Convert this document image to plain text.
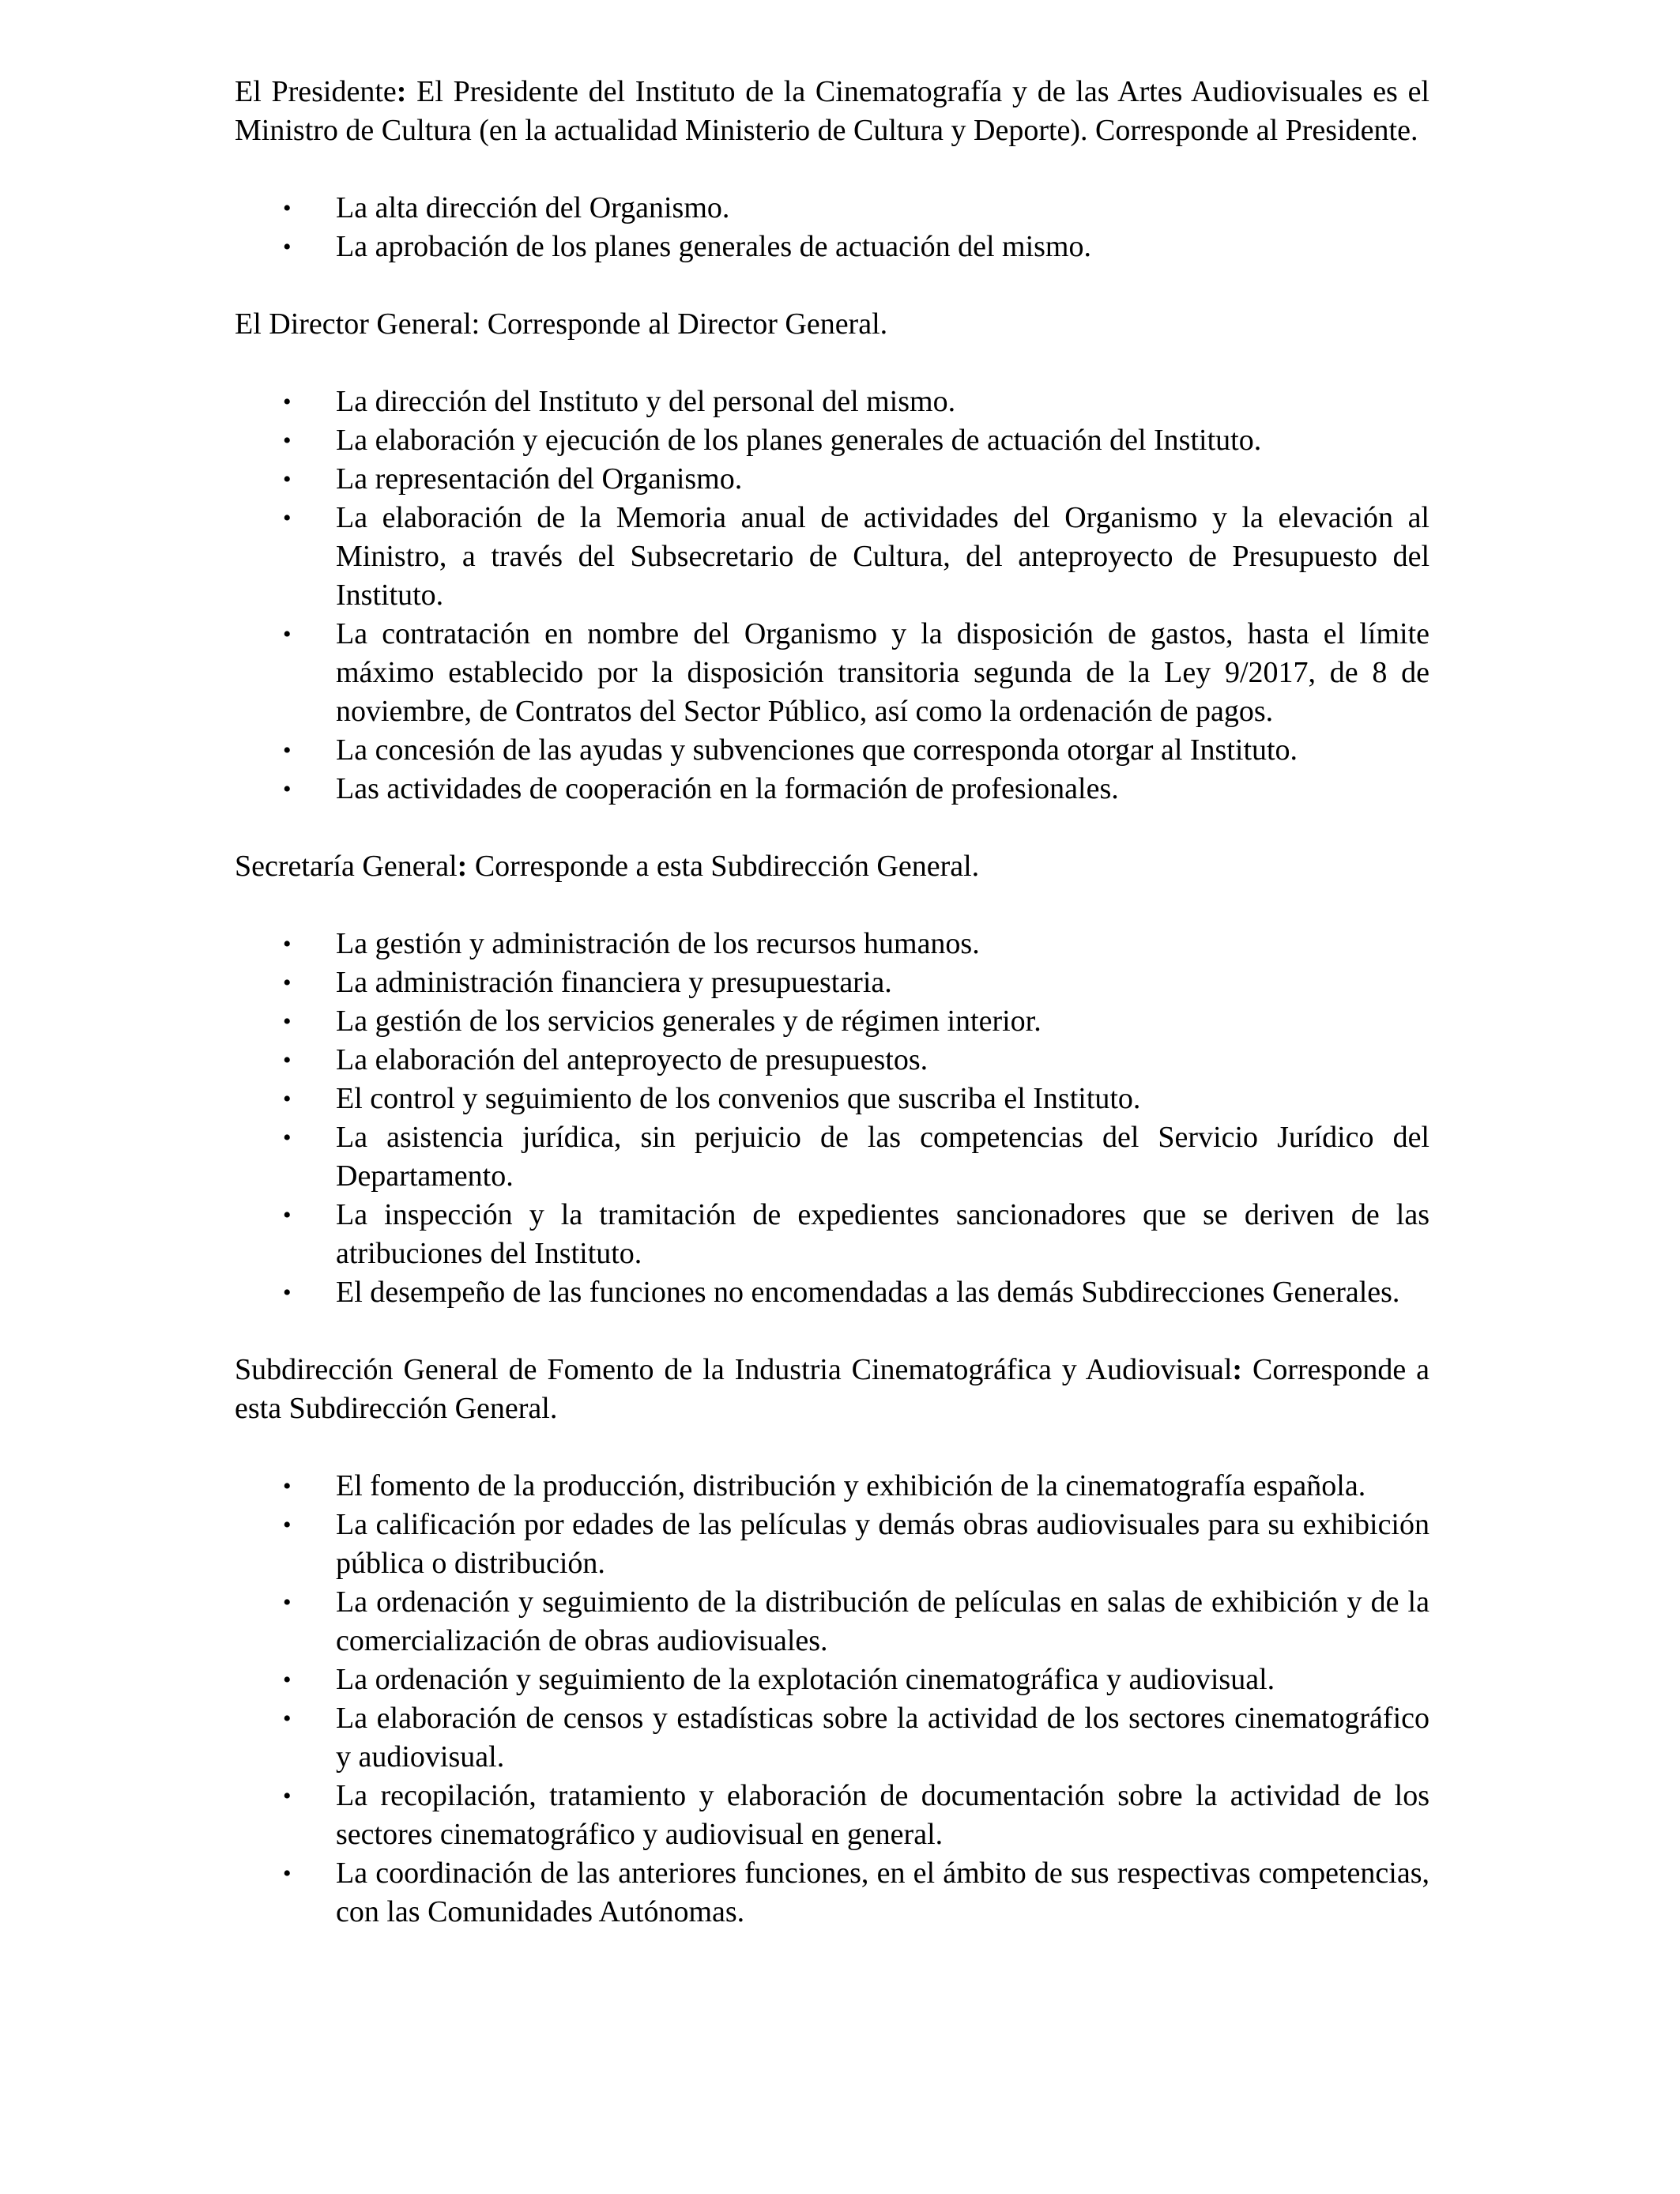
El Presidente: El Presidente del Instituto de la Cinematografía y de las Artes Audiovisuales es el Ministro de Cultura (en la actualidad Ministerio de Cultura y Deporte). Corresponde al Presidente.

• La alta dirección del Organismo.
• La aprobación de los planes generales de actuación del mismo.

El Director General: Corresponde al Director General.

• La dirección del Instituto y del personal del mismo.
• La elaboración y ejecución de los planes generales de actuación del Instituto.
• La representación del Organismo.
• La elaboración de la Memoria anual de actividades del Organismo y la elevación al Ministro, a través del Subsecretario de Cultura, del anteproyecto de Presupuesto del Instituto.
• La contratación en nombre del Organismo y la disposición de gastos, hasta el límite máximo establecido por la disposición transitoria segunda de la Ley 9/2017, de 8 de noviembre, de Contratos del Sector Público, así como la ordenación de pagos.
• La concesión de las ayudas y subvenciones que corresponda otorgar al Instituto.
• Las actividades de cooperación en la formación de profesionales.

Secretaría General: Corresponde a esta Subdirección General.

• La gestión y administración de los recursos humanos.
• La administración financiera y presupuestaria.
• La gestión de los servicios generales y de régimen interior.
• La elaboración del anteproyecto de presupuestos.
• El control y seguimiento de los convenios que suscriba el Instituto.
• La asistencia jurídica, sin perjuicio de las competencias del Servicio Jurídico del Departamento.
• La inspección y la tramitación de expedientes sancionadores que se deriven de las atribuciones del Instituto.
• El desempeño de las funciones no encomendadas a las demás Subdirecciones Generales.

Subdirección General de Fomento de la Industria Cinematográfica y Audiovisual: Corresponde a esta Subdirección General.

• El fomento de la producción, distribución y exhibición de la cinematografía española.
• La calificación por edades de las películas y demás obras audiovisuales para su exhibición pública o distribución.
• La ordenación y seguimiento de la distribución de películas en salas de exhibición y de la comercialización de obras audiovisuales.
• La ordenación y seguimiento de la explotación cinematográfica y audiovisual.
• La elaboración de censos y estadísticas sobre la actividad de los sectores cinematográfico y audiovisual.
• La recopilación, tratamiento y elaboración de documentación sobre la actividad de los sectores cinematográfico y audiovisual en general.
• La coordinación de las anteriores funciones, en el ámbito de sus respectivas competencias, con las Comunidades Autónomas.
